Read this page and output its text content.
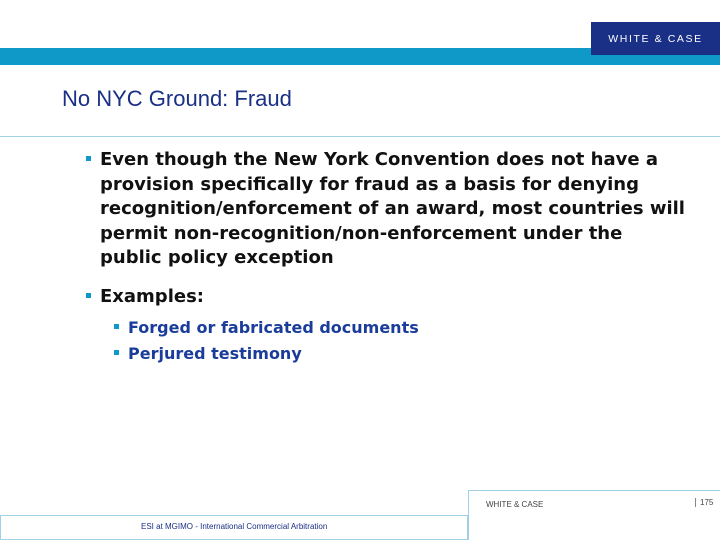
WHITE & CASE
No NYC Ground: Fraud
Even though the New York Convention does not have a provision specifically for fraud as a basis for denying recognition/enforcement of an award, most countries will permit non-recognition/non-enforcement under the public policy exception
Examples:
Forged or fabricated documents
Perjured testimony
WHITE & CASE	175
ESI at MGIMO - International Commercial Arbitration
